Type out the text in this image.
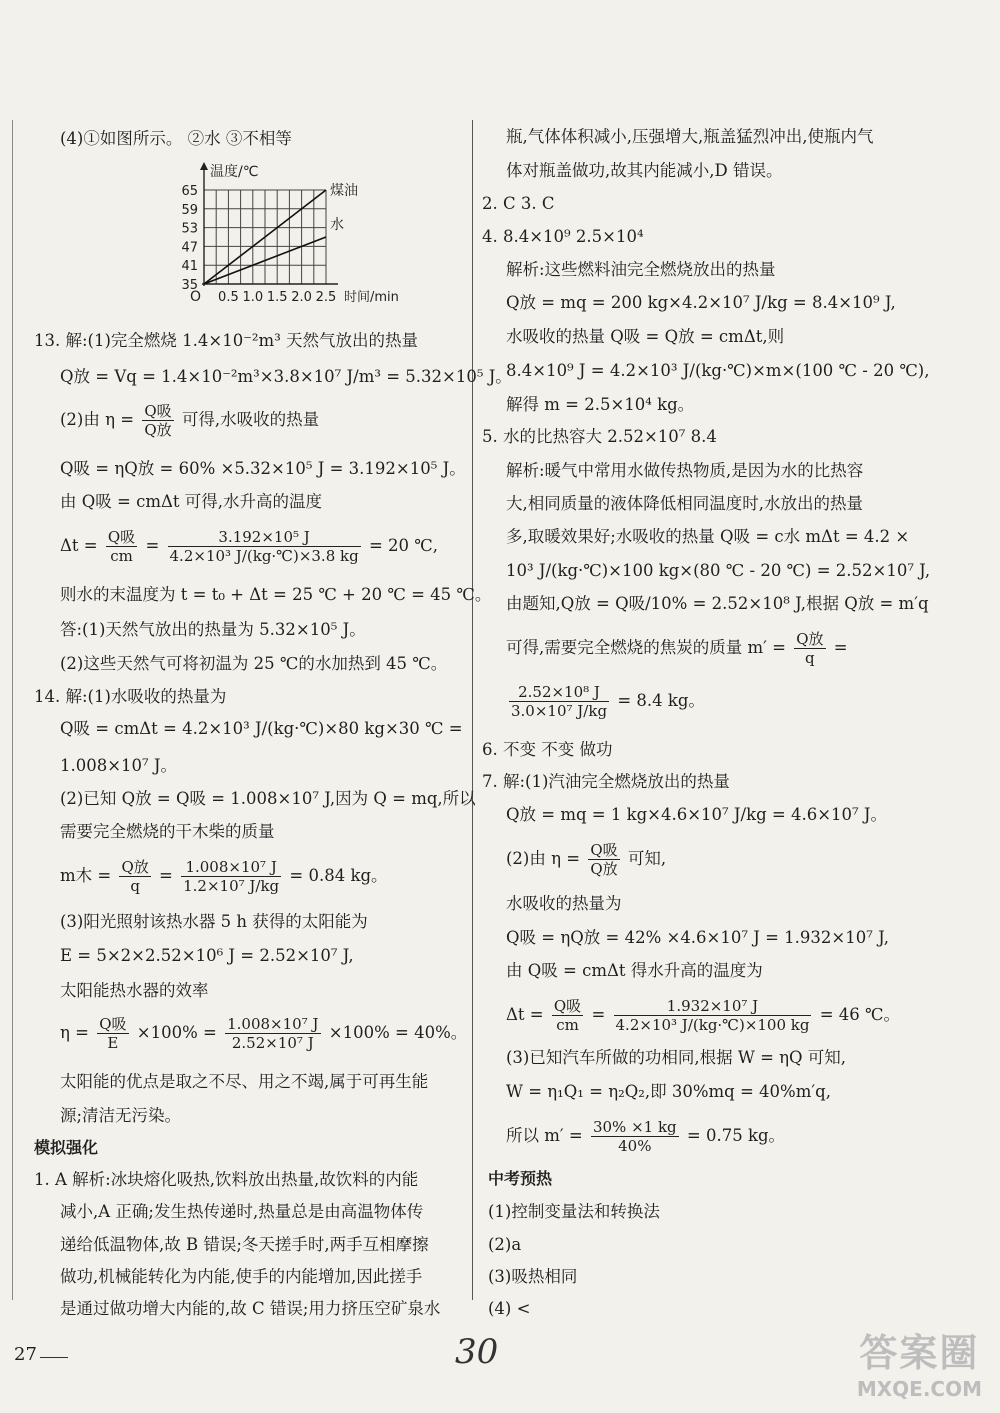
(4)①如图所示。 ②水 ③不相等
35
41
47
53
59
65
0.5 1.0 1.5 2.0 2.5
O
温度/℃
时间/min
煤油
水
13. 解:(1)完全燃烧 1.4×10⁻²m³ 天然气放出的热量
Q放 = Vq = 1.4×10⁻²m³×3.8×10⁷ J/m³ = 5.32×10⁵ J。
(2)由 $\eta = \frac{\text{Q吸}}{\text{Q放}}$ 可得,水吸收的热量
Q吸 = ηQ放 = 60% ×5.32×10⁵ J = 3.192×10⁵ J。
由 Q吸 = cmΔt 可得,水升高的温度
$\Delta t = \frac{\text{Q吸}}{cm} = \frac{\text{3.192×10⁵ J}}{\text{4.2×10³ J/(kg·℃)×3.8 kg}} = 20$ ℃,
则水的末温度为 t = t₀ + Δt = 25 ℃ + 20 ℃ = 45 ℃。
答:(1)天然气放出的热量为 5.32×10⁵ J。
(2)这些天然气可将初温为 25 ℃的水加热到 45 ℃。
14. 解:(1)水吸收的热量为
Q吸 = cmΔt = 4.2×10³ J/(kg·℃)×80 kg×30 ℃ =
1.008×10⁷ J。
(2)已知 Q放 = Q吸 = 1.008×10⁷ J,因为 Q = mq,所以
需要完全燃烧的干木柴的质量
m木 = $\frac{\text{Q放}}{q} = \frac{\text{1.008×10⁷ J}}{\text{1.2×10⁷ J/kg}} = 0.84$ kg。
(3)阳光照射该热水器 5 h 获得的太阳能为
E = 5×2×2.52×10⁶ J = 2.52×10⁷ J,
太阳能热水器的效率
$\eta = \frac{\text{Q吸}}{E} \times 100\% = \frac{\text{1.008×10⁷ J}}{\text{2.52×10⁷ J}} \times 100\% = 40\%$。
太阳能的优点是取之不尽、用之不竭,属于可再生能
源;清洁无污染。
模拟强化
1. A 解析:冰块熔化吸热,饮料放出热量,故饮料的内能
减小,A 正确;发生热传递时,热量总是由高温物体传
递给低温物体,故 B 错误;冬天搓手时,两手互相摩擦
做功,机械能转化为内能,使手的内能增加,因此搓手
是通过做功增大内能的,故 C 错误;用力挤压空矿泉水
瓶,气体体积减小,压强增大,瓶盖猛烈冲出,使瓶内气
体对瓶盖做功,故其内能减小,D 错误。
2. C 3. C
4. 8.4×10⁹ 2.5×10⁴
解析:这些燃料油完全燃烧放出的热量
Q放 = mq = 200 kg×4.2×10⁷ J/kg = 8.4×10⁹ J,
水吸收的热量 Q吸 = Q放 = cmΔt,则
8.4×10⁹ J = 4.2×10³ J/(kg·℃)×m×(100 ℃ - 20 ℃),
解得 m = 2.5×10⁴ kg。
5. 水的比热容大 2.52×10⁷ 8.4
解析:暖气中常用水做传热物质,是因为水的比热容
大,相同质量的液体降低相同温度时,水放出的热量
多,取暖效果好;水吸收的热量 Q吸 = c水 mΔt = 4.2 ×
10³ J/(kg·℃)×100 kg×(80 ℃ - 20 ℃) = 2.52×10⁷ J,
由题知,Q放 = Q吸/10% = 2.52×10⁸ J,根据 Q放 = m′q
可得,需要完全燃烧的焦炭的质量 $m' = \frac{\text{Q放}}{q}$ =
$\frac{\text{2.52×10⁸ J}}{\text{3.0×10⁷ J/kg}} = 8.4$ kg。
6. 不变 不变 做功
7. 解:(1)汽油完全燃烧放出的热量
Q放 = mq = 1 kg×4.6×10⁷ J/kg = 4.6×10⁷ J。
(2)由 $\eta = \frac{\text{Q吸}}{\text{Q放}}$ 可知,
水吸收的热量为
Q吸 = ηQ放 = 42% ×4.6×10⁷ J = 1.932×10⁷ J,
由 Q吸 = cmΔt 得水升高的温度为
$\Delta t = \frac{\text{Q吸}}{cm} = \frac{\text{1.932×10⁷ J}}{\text{4.2×10³ J/(kg·℃)×100 kg}} = 46$ ℃。
(3)已知汽车所做的功相同,根据 W = ηQ 可知,
W = η₁Q₁ = η₂Q₂,即 30%mq = 40%m′q,
所以 $m' = \frac{30\% \times 1 kg}{40\%} = 0.75$ kg。
中考预热
(1)控制变量法和转换法
(2)a
(3)吸热相同
(4) <
27	30	答案圈
MXQE.COM
